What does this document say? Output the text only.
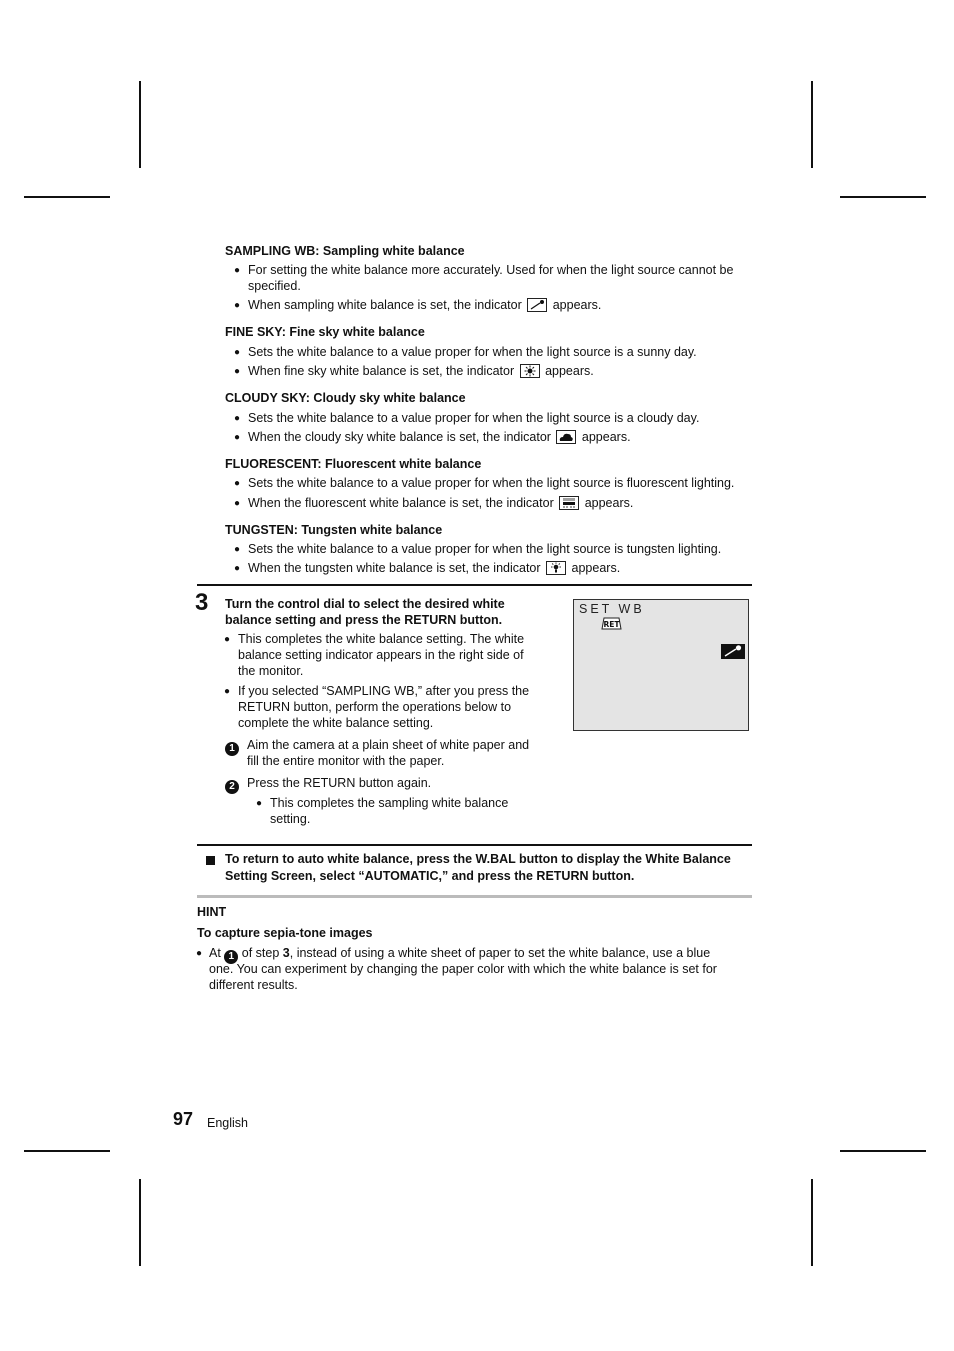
SAMPLING WB: Sampling white balance
● For setting the white balance more accurately. Used for when the light source cannot be
specified.
● When sampling white balance is set, the indicator appears.
FINE SKY: Fine sky white balance
● Sets the white balance to a value proper for when the light source is a sunny day.
● When fine sky white balance is set, the indicator appears.
CLOUDY SKY: Cloudy sky white balance
● Sets the white balance to a value proper for when the light source is a cloudy day.
● When the cloudy sky white balance is set, the indicator appears.
FLUORESCENT: Fluorescent white balance
● Sets the white balance to a value proper for when the light source is fluorescent lighting.
● When the fluorescent white balance is set, the indicator appears.
TUNGSTEN: Tungsten white balance
● Sets the white balance to a value proper for when the light source is tungsten lighting.
● When the tungsten white balance is set, the indicator appears.
3 Turn the control dial to select the desired white
balance setting and press the RETURN button.
● This completes the white balance setting. The white
balance setting indicator appears in the right side of
the monitor.
● If you selected “SAMPLING WB,” after you press the
RETURN button, perform the operations below to
complete the white balance setting.
1 Aim the camera at a plain sheet of white paper and
fill the entire monitor with the paper.
2 Press the RETURN button again.
● This completes the sampling white balance
setting.
SET WB
RET
To return to auto white balance, press the W.BAL button to display the White Balance
Setting Screen, select “AUTOMATIC,” and press the RETURN button.
HINT
To capture sepia-tone images
● At 1 of step 3, instead of using a white sheet of paper to set the white balance, use a blue
one. You can experiment by changing the paper color with which the white balance is set for
different results.
97 English
